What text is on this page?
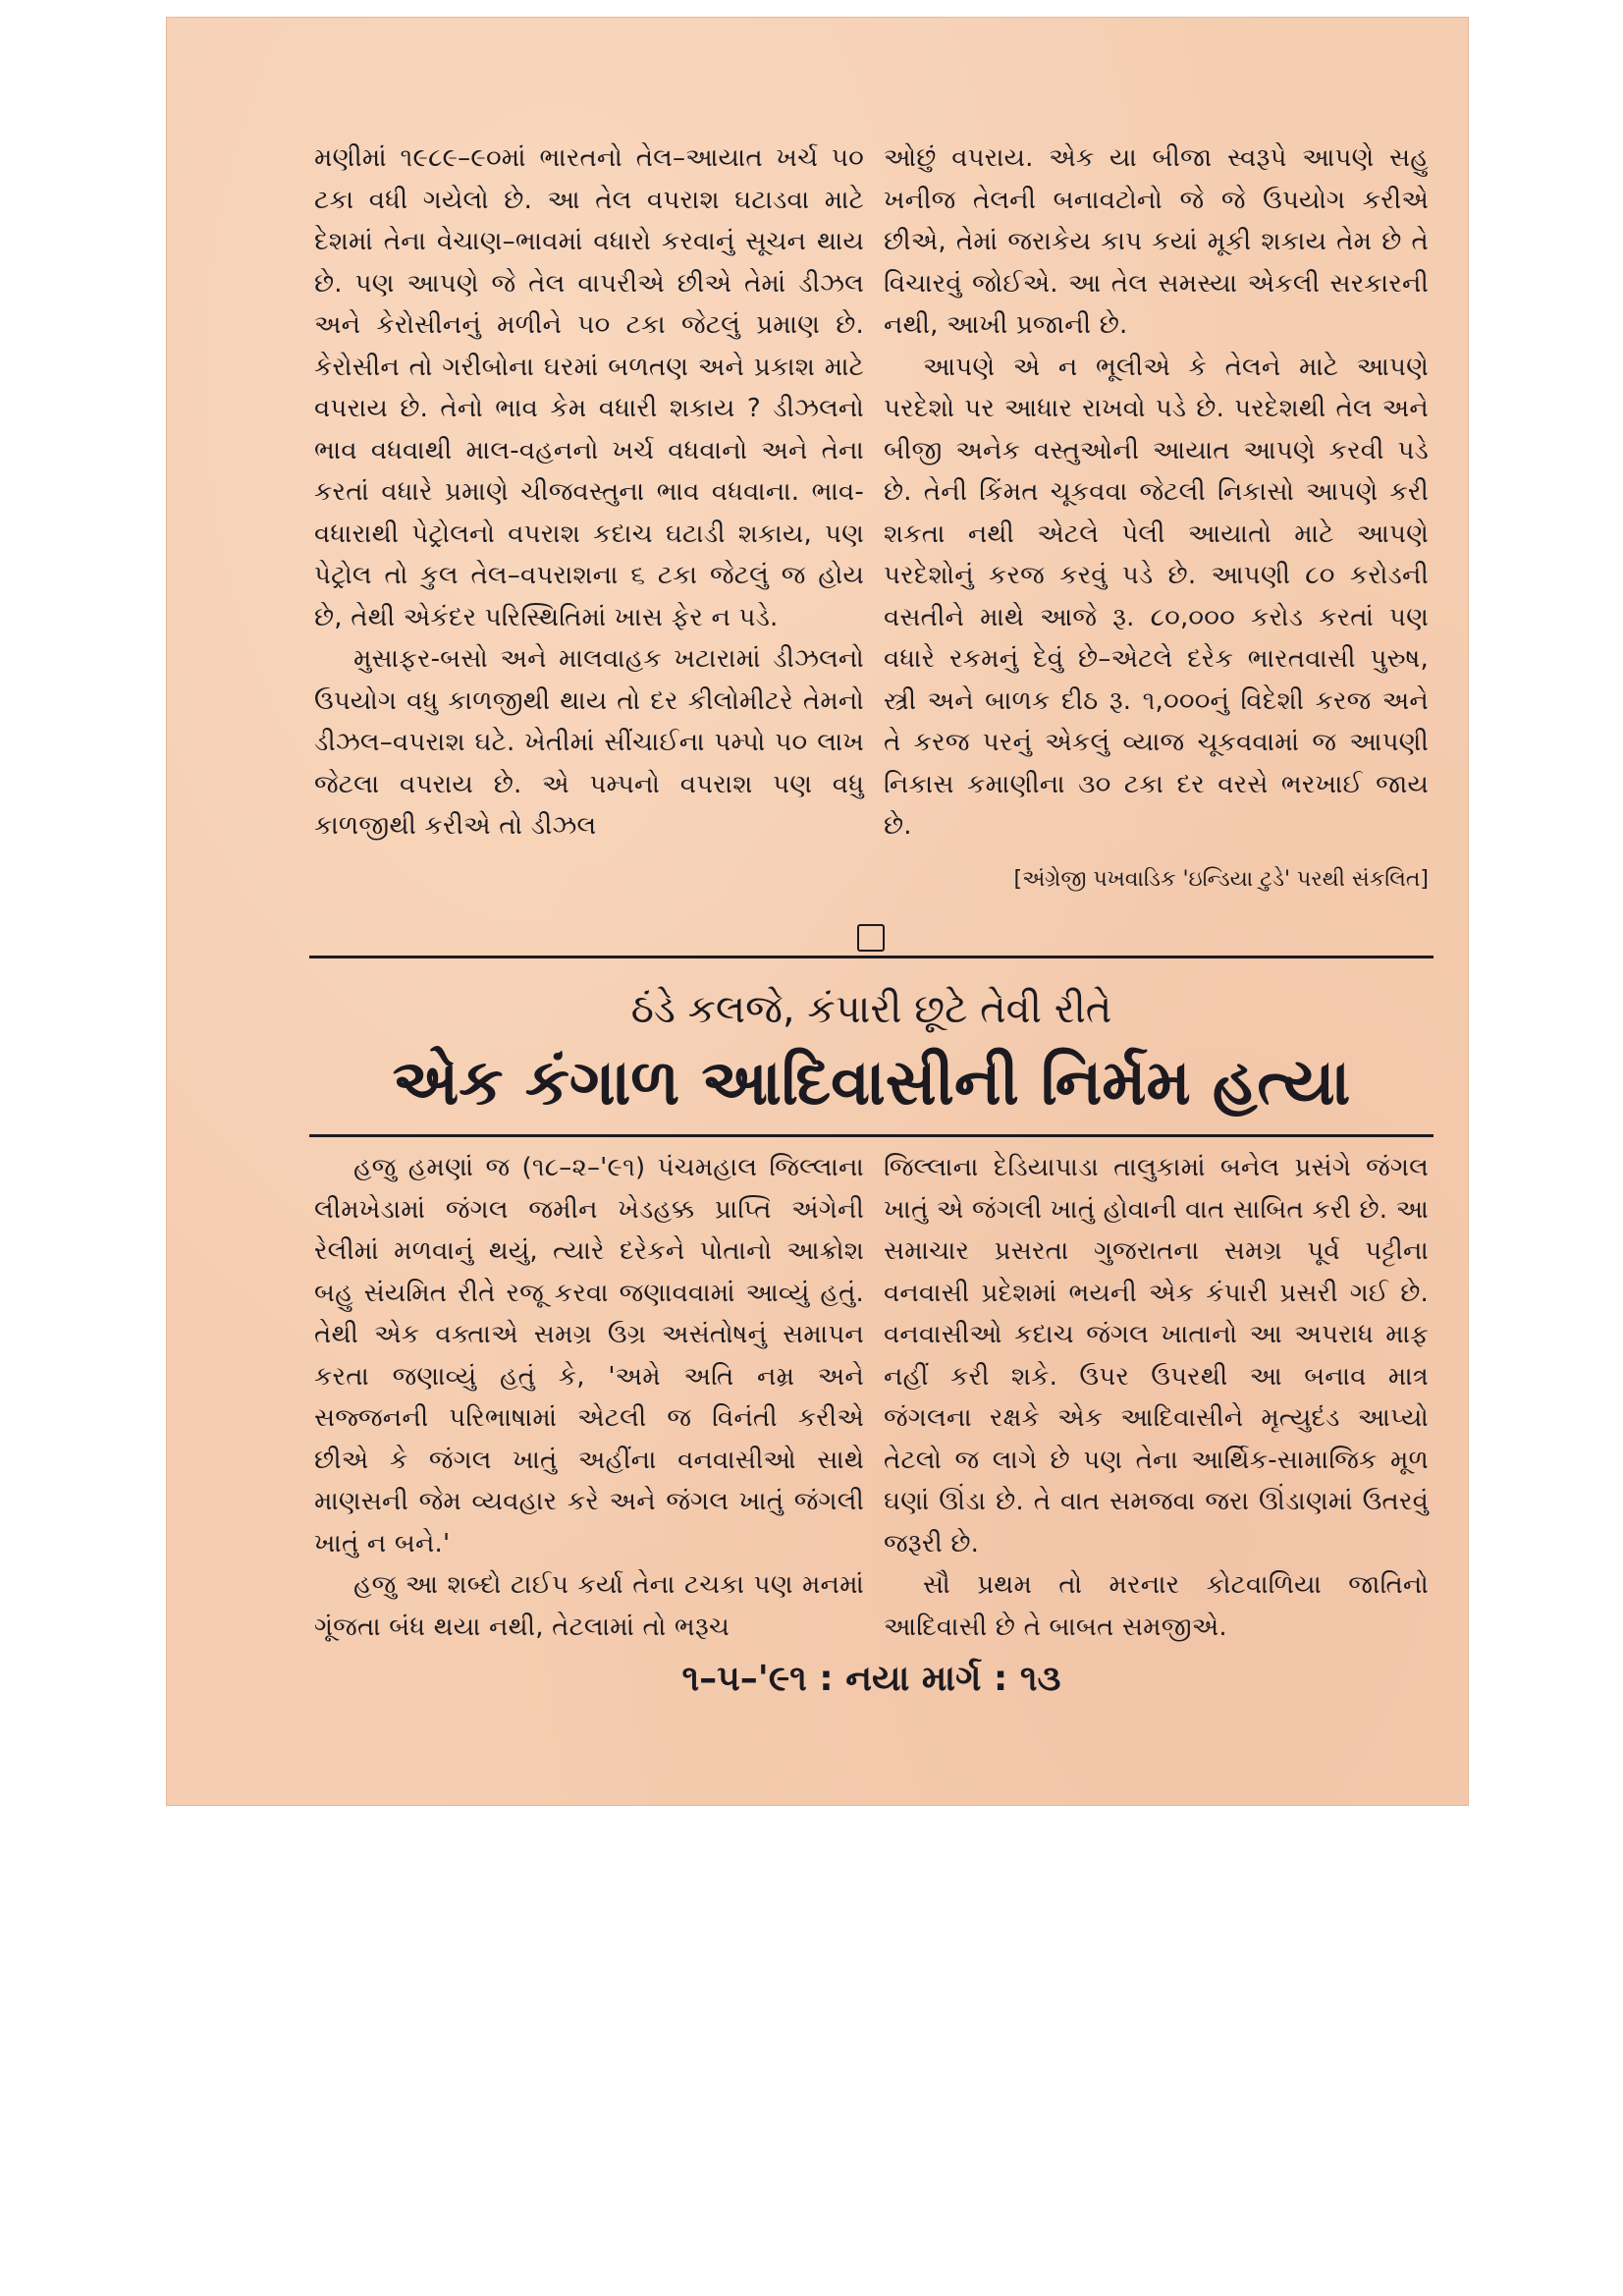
મણીમાં ૧૯૮૯–૯૦માં ભારતનો તેલ–આયાત ખર્ચ ૫૦ ટકા વધી ગયેલો છે. આ તેલ વપરાશ ઘટાડવા માટે દેશમાં તેના વેચાણ–ભાવમાં વધારો કરવાનું સૂચન થાય છે. પણ આપણે જે તેલ વાપરીએ છીએ તેમાં ડીઝલ અને કેરોસીનનું મળીને ૫૦ ટકા જેટલું પ્રમાણ છે. કેરોસીન તો ગરીબોના ઘરમાં બળતણ અને પ્રકાશ માટે વપરાય છે. તેનો ભાવ કેમ વધારી શકાય ? ડીઝલનો ભાવ વધવાથી માલ-વહનનો ખર્ચ વધવાનો અને તેના કરતાં વધારે પ્રમાણે ચીજવસ્તુના ભાવ વધવાના. ભાવ-વધારાથી પેટ્રોલનો વપરાશ કદાચ ઘટાડી શકાય, પણ પેટ્રોલ તો કુલ તેલ–વપરાશના ૬ ટકા જેટલું જ હોય છે, તેથી એકંદર પરિસ્થિતિમાં ખાસ ફેર ન પડે.

મુસાફર-બસો અને માલવાહક ખટારામાં ડીઝલનો ઉપયોગ વધુ કાળજીથી થાય તો દર કીલોમીટરે તેમનો ડીઝલ–વપરાશ ઘટે. ખેતીમાં સીંચાઈના પમ્પો ૫૦ લાખ જેટલા વપરાય છે. એ પમ્પનો વપરાશ પણ વધુ કાળજીથી કરીએ તો ડીઝલ

ઓછું વપરાય. એક યા બીજા સ્વરૂપે આપણે સહુ ખનીજ તેલની બનાવટોનો જે જે ઉપયોગ કરીએ છીએ, તેમાં જરાકેય કાપ કયાં મૂકી શકાય તેમ છે તે વિચારવું જોઈએ. આ તેલ સમસ્યા એકલી સરકારની નથી, આખી પ્રજાની છે.

આપણે એ ન ભૂલીએ કે તેલને માટે આપણે પરદેશો પર આધાર રાખવો પડે છે. પરદેશથી તેલ અને બીજી અનેક વસ્તુઓની આયાત આપણે કરવી પડે છે. તેની કિંમત ચૂકવવા જેટલી નિકાસો આપણે કરી શકતા નથી એટલે પેલી આયાતો માટે આપણે પરદેશોનું કરજ કરવું પડે છે. આપણી ૮૦ કરોડની વસતીને માથે આજે રૂ. ૮૦,૦૦૦ કરોડ કરતાં પણ વધારે રકમનું દેવું છે–એટલે દરેક ભારતવાસી પુરુષ, સ્ત્રી અને બાળક દીઠ રૂ. ૧,૦૦૦નું વિદેશી કરજ અને તે કરજ પરનું એકલું વ્યાજ ચૂકવવામાં જ આપણી નિકાસ કમાણીના ૩૦ ટકા દર વરસે ભરખાઈ જાય છે.

[અંગ્રેજી પખવાડિક 'ઇન્ડિયા ટુડે' પરથી સંકલિત]
ઠંડે કલજે, કંપારી છૂટે તેવી રીતે
એક કંગાળ આદિવાસીની નિર્મમ હત્યા

હજુ હમણાં જ (૧૮–૨–'૯૧) પંચમહાલ જિલ્લાના લીમખેડામાં જંગલ જમીન ખેડહક્ક પ્રાપ્તિ અંગેની રેલીમાં મળવાનું થયું, ત્યારે દરેકને પોતાનો આક્રોશ બહુ સંયમિત રીતે રજૂ કરવા જણાવવામાં આવ્યું હતું. તેથી એક વક્તાએ સમગ્ર ઉગ્ર અસંતોષનું સમાપન કરતા જણાવ્યું હતું કે, 'અમે અતિ નમ્ર અને સજ્જનની પરિભાષામાં એટલી જ વિનંતી કરીએ છીએ કે જંગલ ખાતું અહીંના વનવાસીઓ સાથે માણસની જેમ વ્યવહાર કરે અને જંગલ ખાતું જંગલી ખાતું ન બને.'

હજુ આ શબ્દો ટાઈપ કર્યા તેના ટચકા પણ મનમાં ગૂંજતા બંધ થયા નથી, તેટલામાં તો ભરૂચ

જિલ્લાના દેડિયાપાડા તાલુકામાં બનેલ પ્રસંગે જંગલ ખાતું એ જંગલી ખાતું હોવાની વાત સાબિત કરી છે. આ સમાચાર પ્રસરતા ગુજરાતના સમગ્ર પૂર્વ પટ્ટીના વનવાસી પ્રદેશમાં ભયની એક કંપારી પ્રસરી ગઈ છે. વનવાસીઓ કદાચ જંગલ ખાતાનો આ અપરાધ માફ નહીં કરી શકે. ઉપર ઉપરથી આ બનાવ માત્ર જંગલના રક્ષકે એક આદિવાસીને મૃત્યુદંડ આપ્યો તેટલો જ લાગે છે પણ તેના આર્થિક-સામાજિક મૂળ ઘણાં ઊંડા છે. તે વાત સમજવા જરા ઊંડાણમાં ઉતરવું જરૂરી છે.

સૌ પ્રથમ તો મરનાર કોટવાળિયા જાતિનો આદિવાસી છે તે બાબત સમજીએ.

૧–૫–'૯૧ : નયા માર્ગ : ૧૩
